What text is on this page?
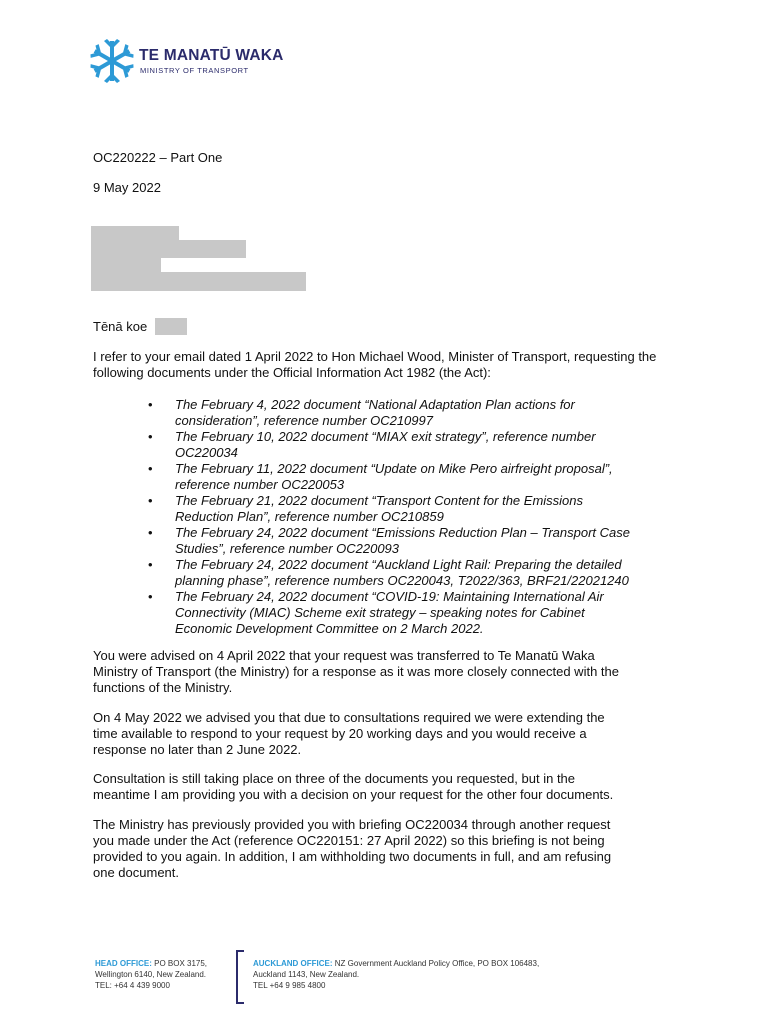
TE MANATŪ WAKA
MINISTRY OF TRANSPORT
OC220222 – Part One
9 May 2022
Tēnā koe

I refer to your email dated 1 April 2022 to Hon Michael Wood, Minister of Transport, requesting the following documents under the Official Information Act 1982 (the Act):

• The February 4, 2022 document “National Adaptation Plan actions for
consideration”, reference number OC210997
• The February 10, 2022 document “MIAX exit strategy”, reference number
OC220034
• The February 11, 2022 document “Update on Mike Pero airfreight proposal”,
reference number OC220053
• The February 21, 2022 document “Transport Content for the Emissions
Reduction Plan”, reference number OC210859
• The February 24, 2022 document “Emissions Reduction Plan – Transport Case
Studies”, reference number OC220093
• The February 24, 2022 document “Auckland Light Rail: Preparing the detailed
planning phase”, reference numbers OC220043, T2022/363, BRF21/22021240
• The February 24, 2022 document “COVID-19: Maintaining International Air
Connectivity (MIAC) Scheme exit strategy – speaking notes for Cabinet
Economic Development Committee on 2 March 2022.

You were advised on 4 April 2022 that your request was transferred to Te Manatū Waka
Ministry of Transport (the Ministry) for a response as it was more closely connected with the
functions of the Ministry.

On 4 May 2022 we advised you that due to consultations required we were extending the
time available to respond to your request by 20 working days and you would receive a
response no later than 2 June 2022.

Consultation is still taking place on three of the documents you requested, but in the
meantime I am providing you with a decision on your request for the other four documents.

The Ministry has previously provided you with briefing OC220034 through another request
you made under the Act (reference OC220151: 27 April 2022) so this briefing is not being
provided to you again. In addition, I am withholding two documents in full, and am refusing
one document.

HEAD OFFICE: PO BOX 3175,
Wellington 6140, New Zealand.
TEL: +64 4 439 9000
AUCKLAND OFFICE: NZ Government Auckland Policy Office, PO BOX 106483,
Auckland 1143, New Zealand.
TEL +64 9 985 4800
